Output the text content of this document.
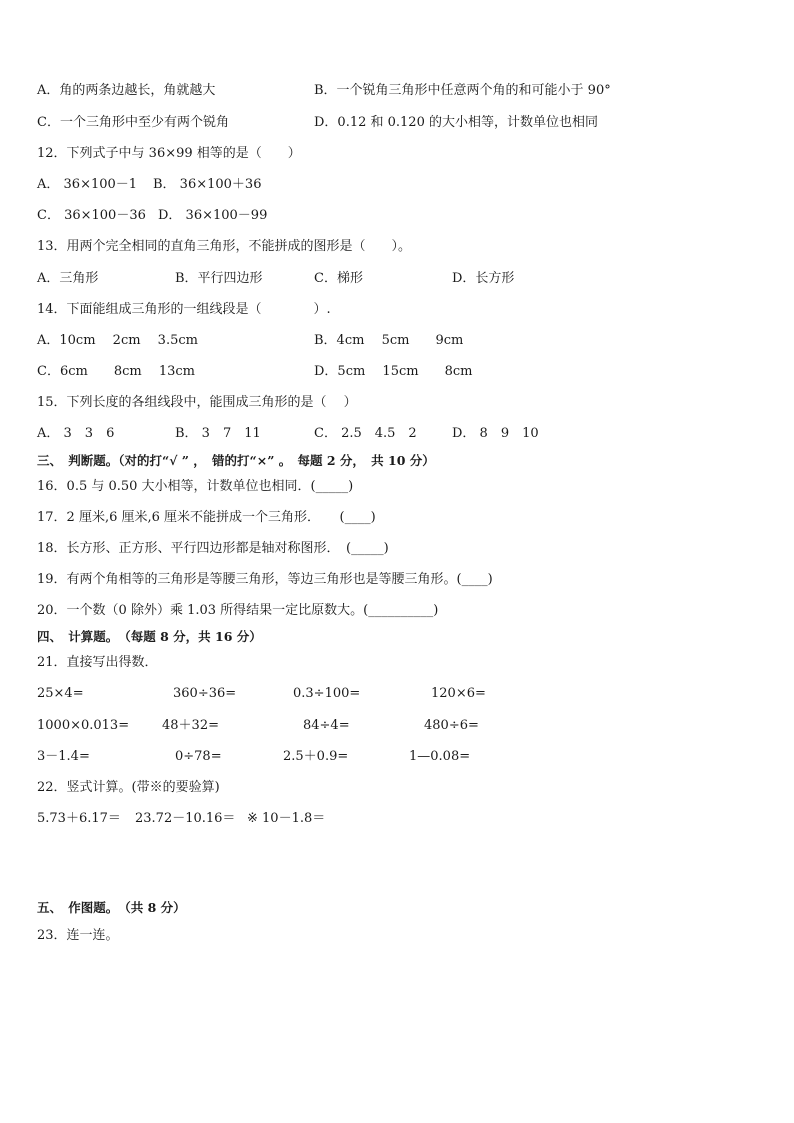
A．角的两条边越长，角就越大	B．一个锐角三角形中任意两个角的和可能小于 90°
C．一个三角形中至少有两个锐角	D．0.12 和 0.120 的大小相等，计数单位也相同
12．下列式子中与 36×99 相等的是（　　）
A． 36×100－1 B． 36×100＋36
C． 36×100－36 D． 36×100－99
13．用两个完全相同的直角三角形，不能拼成的图形是（　　）。
A．三角形	B．平行四边形	C．梯形	D．长方形
14．下面能组成三角形的一组线段是（　　　　）.
A．10cm　 2cm　 3.5cm	B．4cm　 5cm　　9cm
C．6cm　　8cm　 13cm	D．5cm　 15cm　　8cm
15．下列长度的各组线段中，能围成三角形的是（　 ）
A． 3　3　6	B． 3　7　11	C． 2.5　4.5　2	D． 8　9　10
三、　判断题。（对的打“√ ” ，　错的打“×” 。　每题 2 分，　共 10 分）
16．0.5 与 0.50 大小相等，计数单位也相同．(_____)
17．2 厘米,6 厘米,6 厘米不能拼成一个三角形．　　(____)
18．长方形、正方形、平行四边形都是轴对称图形．　(_____)
19．有两个角相等的三角形是等腰三角形，等边三角形也是等腰三角形。(____)
20．一个数（0 除外）乘 1.03 所得结果一定比原数大。(__________)
四、　计算题。　（每题 8 分，共 16 分）
21．直接写出得数．
25×4=	360÷36=	0.3÷100=	120×6=
1000×0.013=	48＋32=	84÷4=	480÷6=
3－1.4=	0÷78=	2.5＋0.9=	1—0.08=
22．竖式计算。(带※的要验算)
5.73＋6.17＝ 23.72－10.16＝ ※ 10－1.8＝
五、　作图题。　（共 8 分）
23．连一连。
